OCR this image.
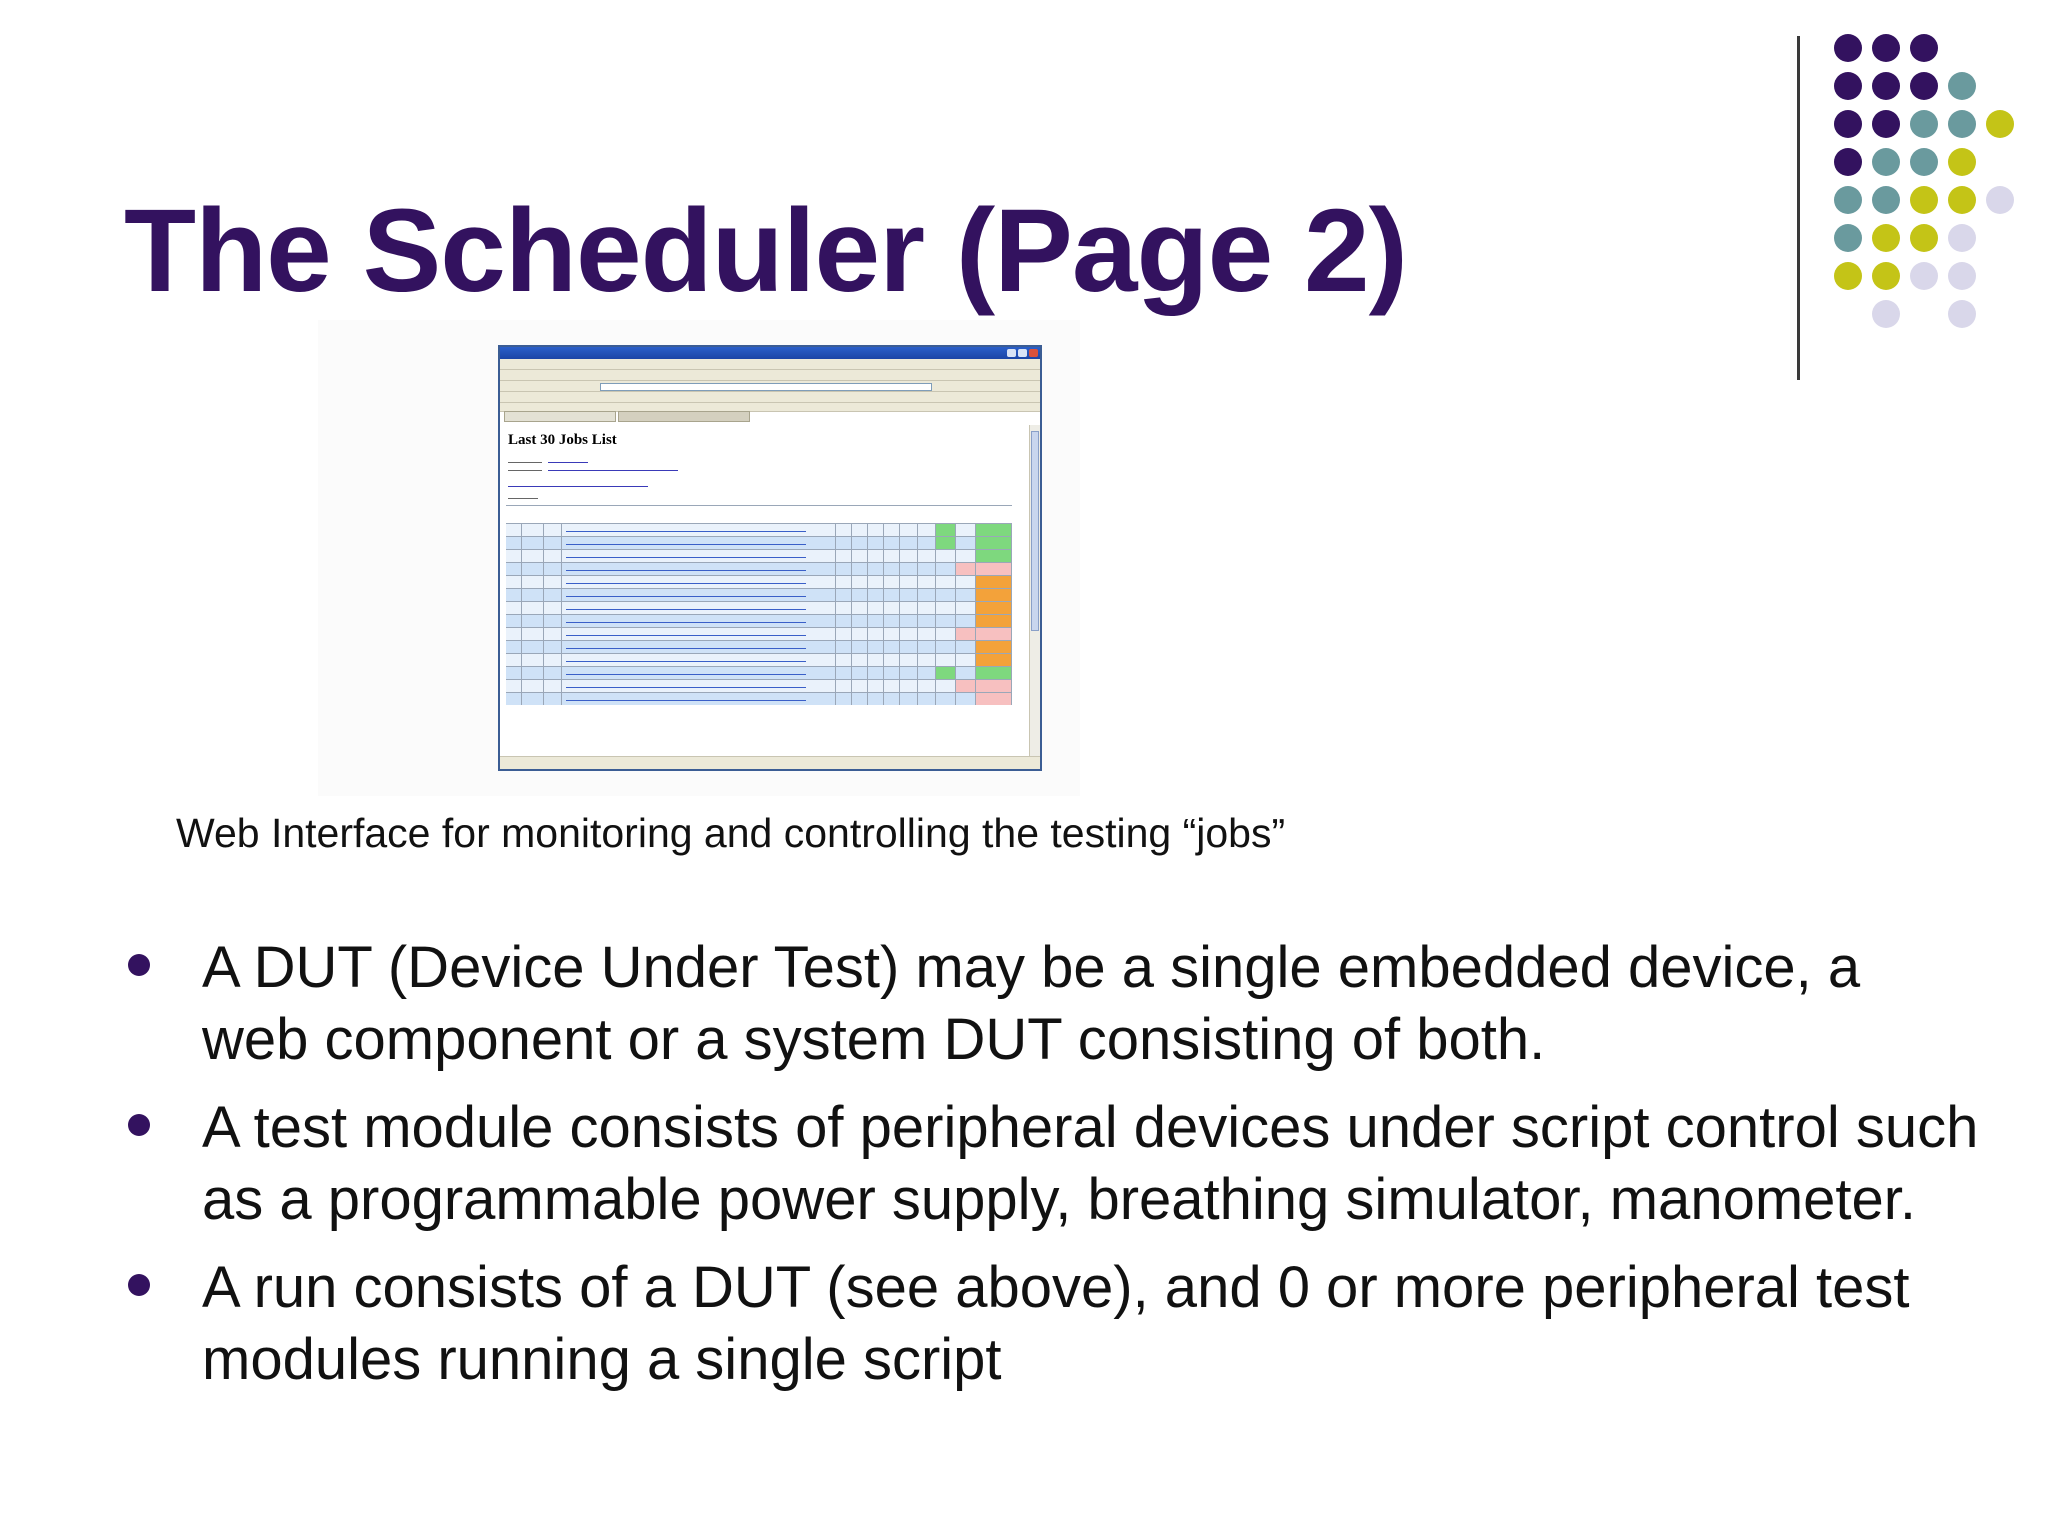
The Scheduler (Page 2)
Last 30 Jobs List
Web Interface for monitoring and controlling the testing “jobs”
A DUT (Device Under Test) may be a single embedded device, a web component or a system DUT consisting of both.
A test module consists of peripheral devices under script control such as a programmable power supply, breathing simulator, manometer.
A run consists of a DUT (see above), and 0 or more peripheral test modules running a single script
